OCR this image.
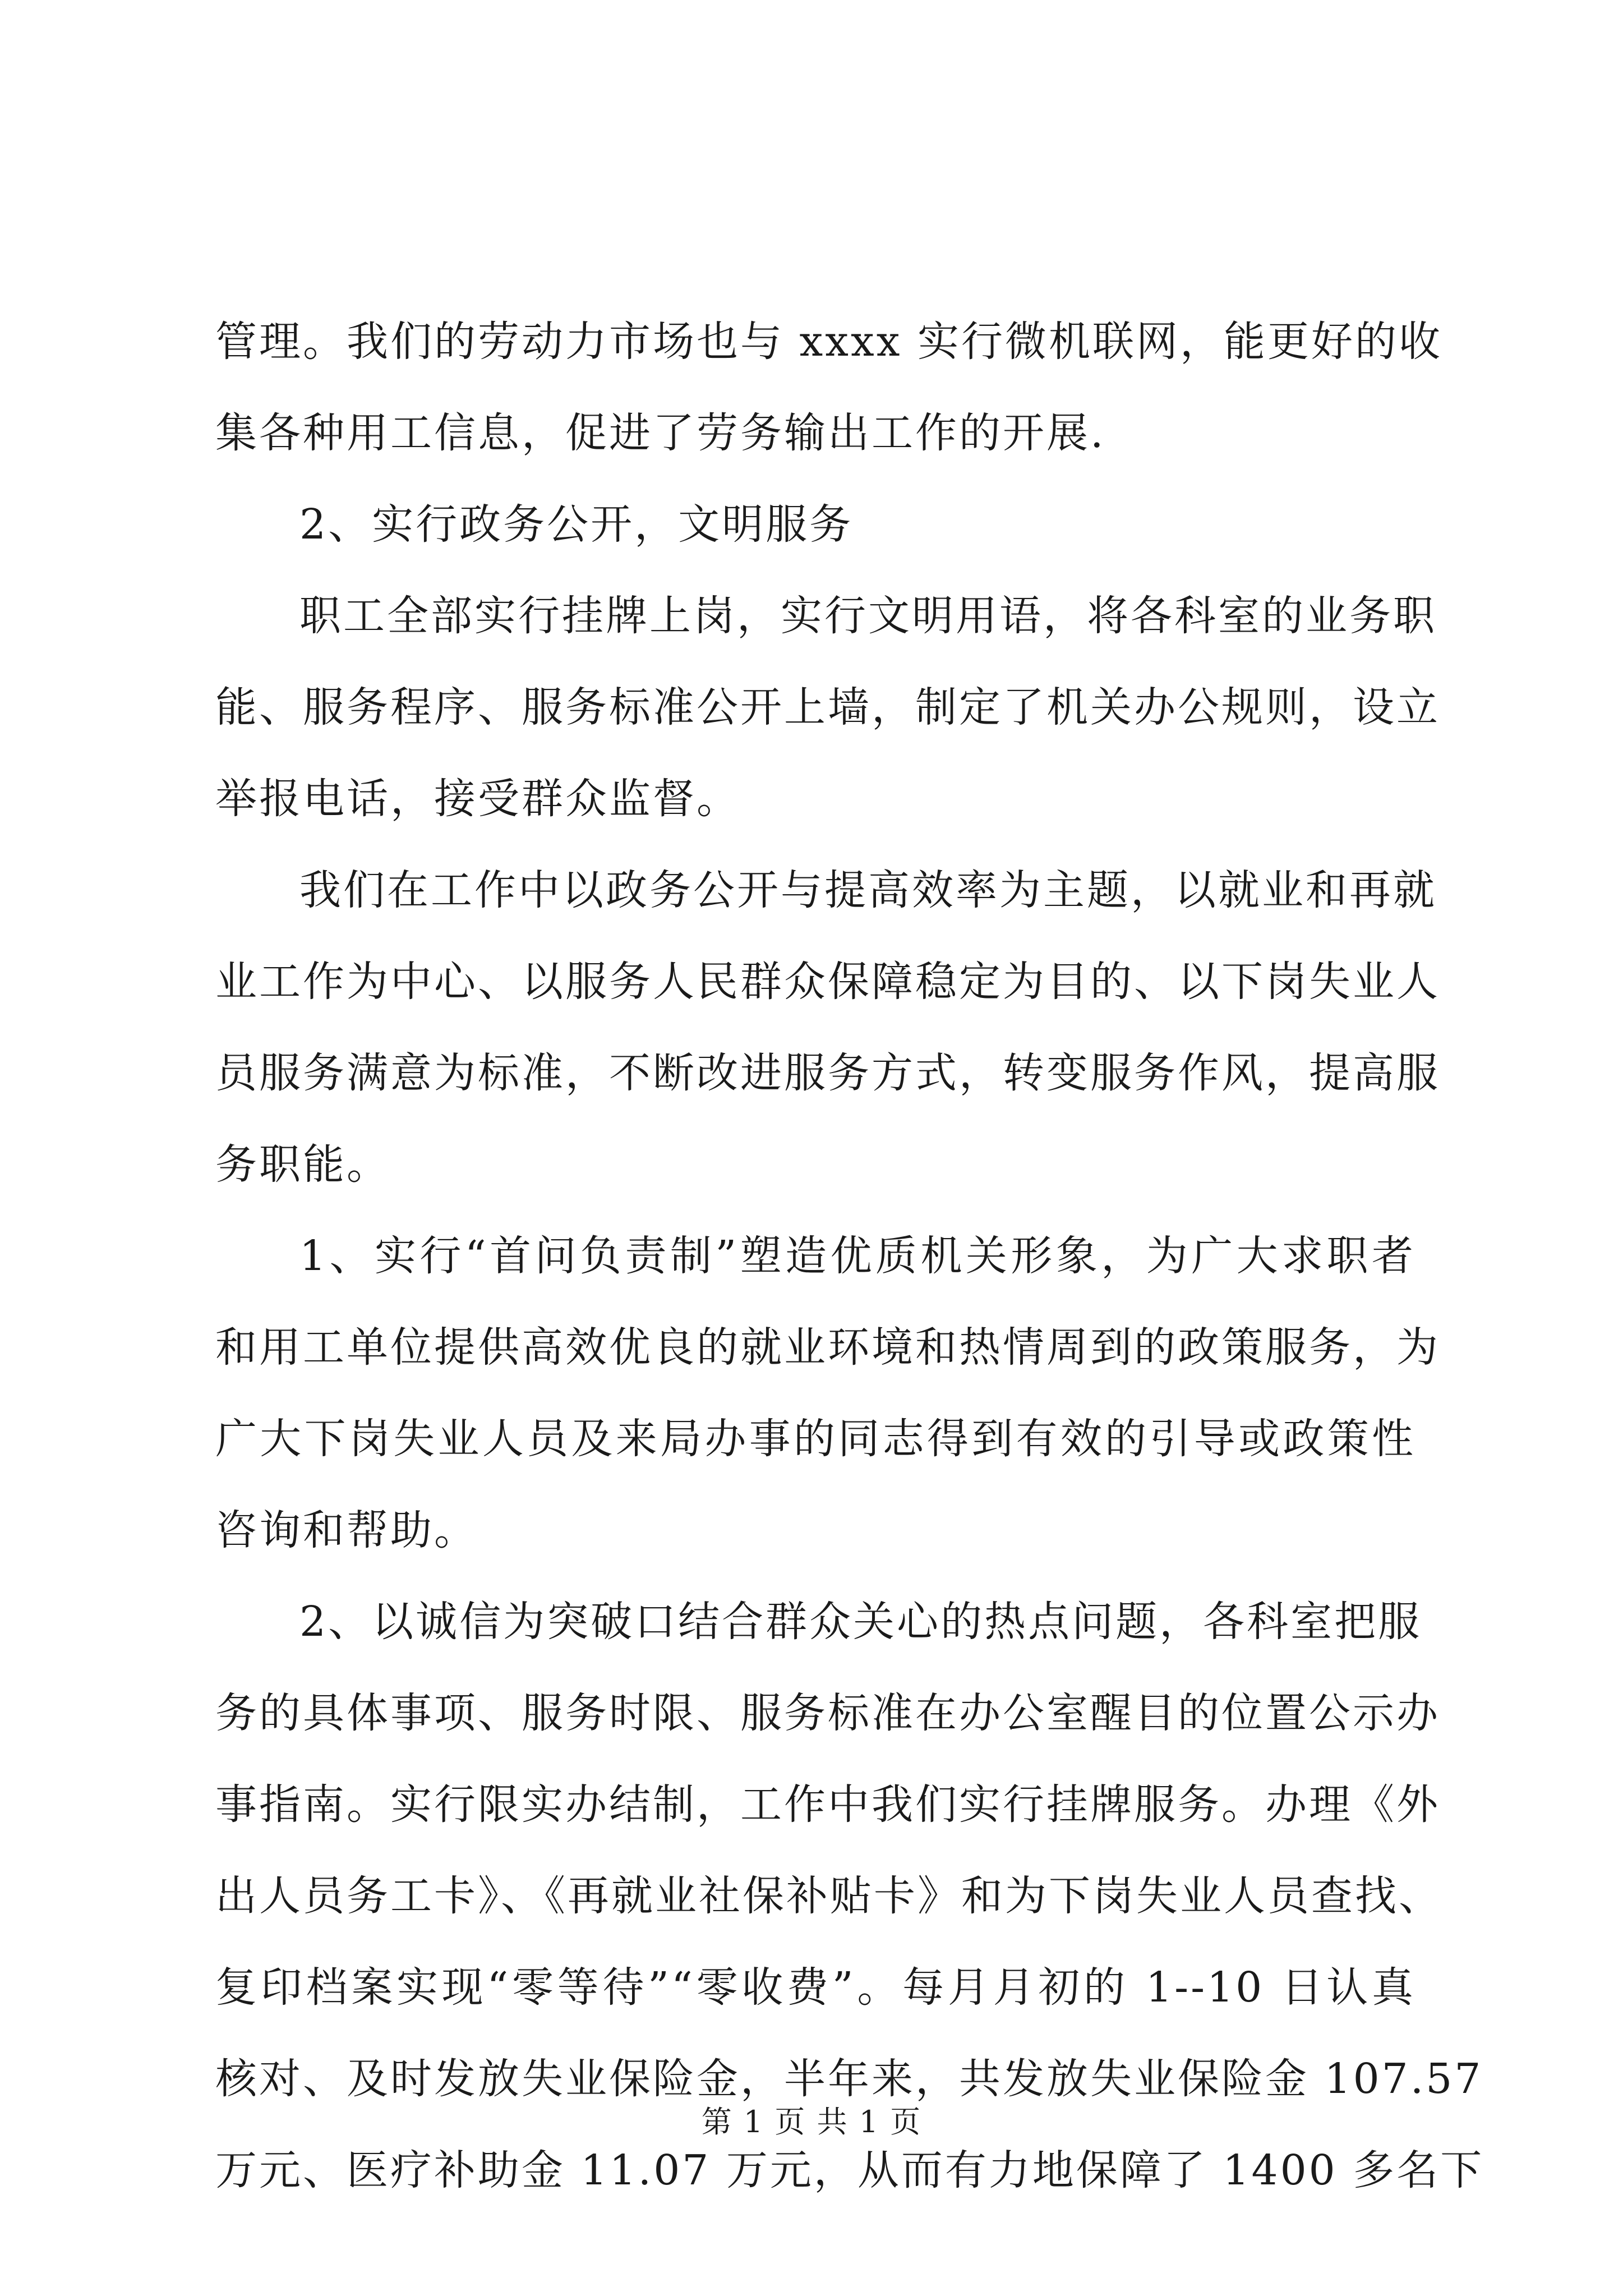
管理。我们的劳动力市场也与 xxxx 实行微机联网，能更好的收
集各种用工信息，促进了劳务输出工作的开展.
2、实行政务公开，文明服务
职工全部实行挂牌上岗，实行文明用语，将各科室的业务职
能、服务程序、服务标准公开上墙，制定了机关办公规则，设立
举报电话，接受群众监督。
我们在工作中以政务公开与提高效率为主题，以就业和再就
业工作为中心、以服务人民群众保障稳定为目的、以下岗失业人
员服务满意为标准，不断改进服务方式，转变服务作风，提高服
务职能。
1、实行“首问负责制”塑造优质机关形象，为广大求职者
和用工单位提供高效优良的就业环境和热情周到的政策服务，为
广大下岗失业人员及来局办事的同志得到有效的引导或政策性
咨询和帮助。
2、以诚信为突破口结合群众关心的热点问题，各科室把服
务的具体事项、服务时限、服务标准在办公室醒目的位置公示办
事指南。实行限实办结制，工作中我们实行挂牌服务。办理《外
出人员务工卡》、《再就业社保补贴卡》和为下岗失业人员查找、
复印档案实现“零等待”“零收费”。每月月初的 1--10 日认真
核对、及时发放失业保险金，半年来，共发放失业保险金 107.57
万元、医疗补助金 11.07 万元，从而有力地保障了 1400 多名下
第 1 页 共 1 页
